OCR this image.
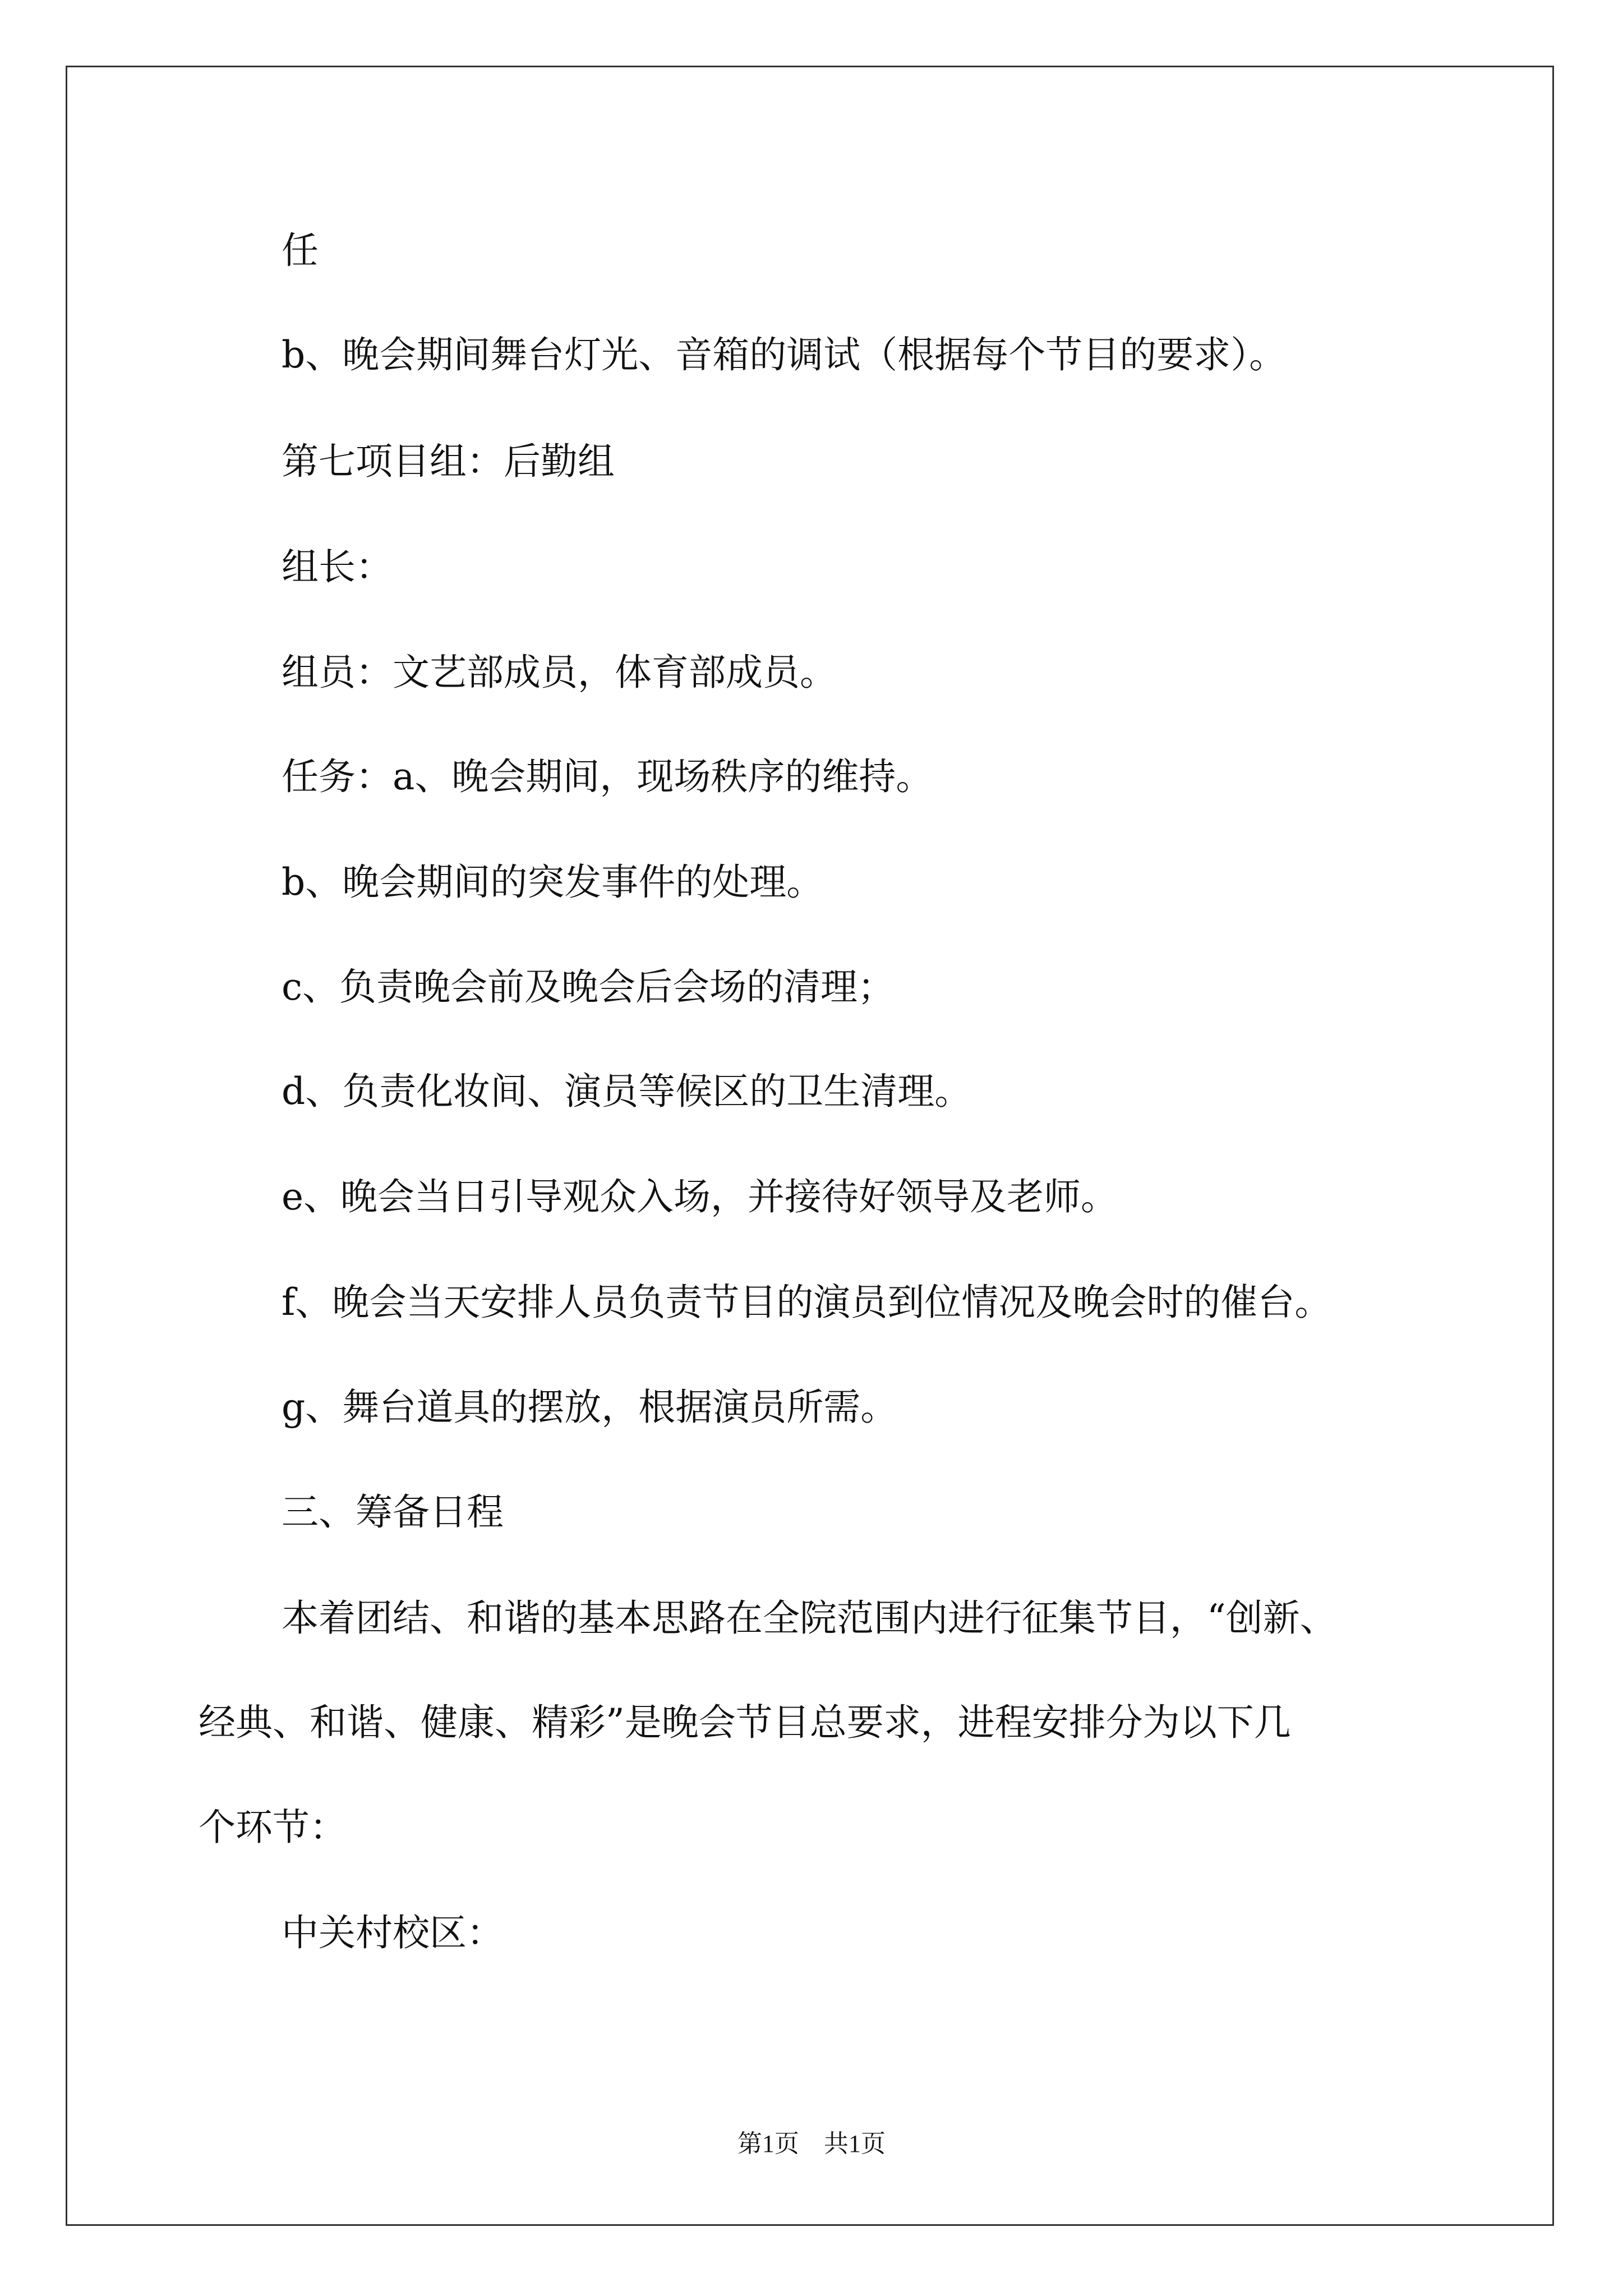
任
b、晚会期间舞台灯光、音箱的调试（根据每个节目的要求）。
第七项目组：后勤组
组长：
组员：文艺部成员，体育部成员。
任务：a、晚会期间，现场秩序的维持。
b、晚会期间的突发事件的处理。
c、负责晚会前及晚会后会场的清理；
d、负责化妆间、演员等候区的卫生清理。
e、晚会当日引导观众入场，并接待好领导及老师。
f、晚会当天安排人员负责节目的演员到位情况及晚会时的催台。
g、舞台道具的摆放，根据演员所需。
三、筹备日程
本着团结、和谐的基本思路在全院范围内进行征集节目，“创新、
经典、和谐、健康、精彩”是晚会节目总要求，进程安排分为以下几
个环节：
中关村校区：
第1页　共1页
